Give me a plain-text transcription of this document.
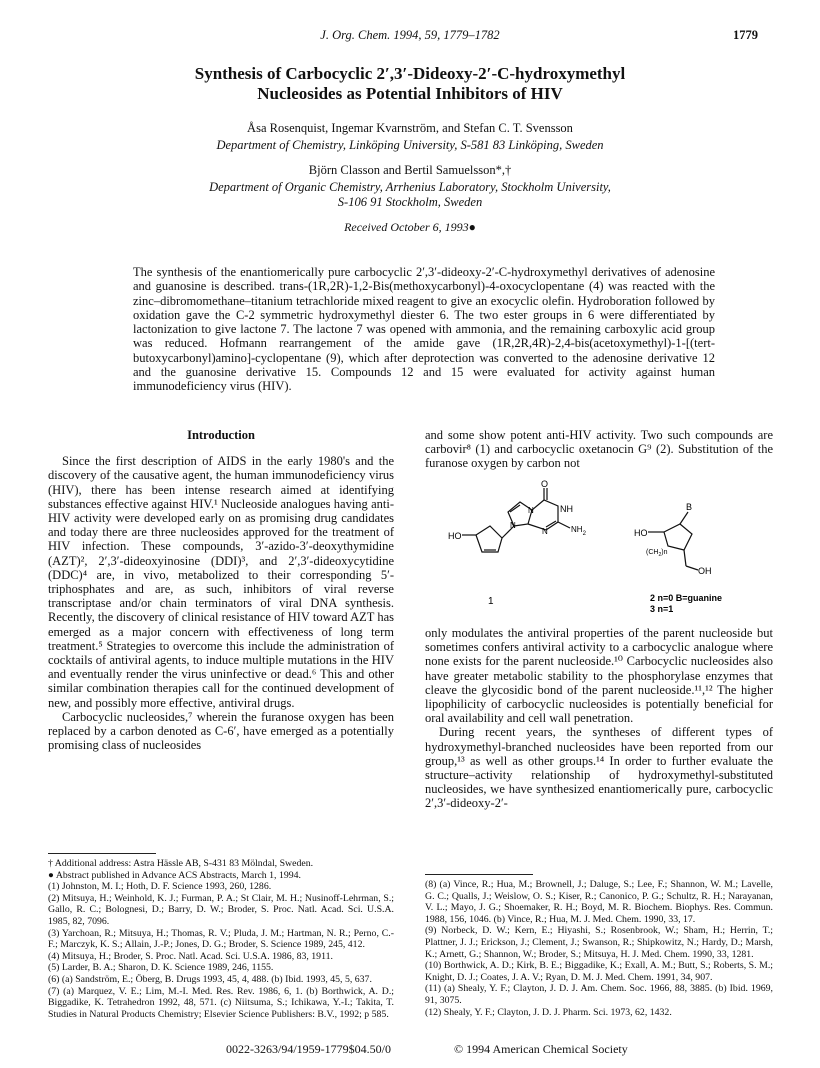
J. Org. Chem. 1994, 59, 1779–1782	1779
Synthesis of Carbocyclic 2′,3′-Dideoxy-2′-C-hydroxymethyl
Nucleosides as Potential Inhibitors of HIV
Åsa Rosenquist, Ingemar Kvarnström, and Stefan C. T. Svensson
Department of Chemistry, Linköping University, S-581 83 Linköping, Sweden
Björn Classon and Bertil Samuelsson*,†
Department of Organic Chemistry, Arrhenius Laboratory, Stockholm University,
S-106 91 Stockholm, Sweden
Received October 6, 1993●

The synthesis of the enantiomerically pure carbocyclic 2′,3′-dideoxy-2′-C-hydroxymethyl derivatives of adenosine and guanosine is described. trans-(1R,2R)-1,2-Bis(methoxycarbonyl)-4-oxocyclopentane (4) was reacted with the zinc–dibromomethane–titanium tetrachloride mixed reagent to give an exocyclic olefin. Hydroboration followed by oxidation gave the C-2 symmetric hydroxymethyl diester 6. The two ester groups in 6 were differentiated by lactonization to give lactone 7. The lactone 7 was opened with ammonia, and the remaining carboxylic acid group was reduced. Hofmann rearrangement of the amide gave (1R,2R,4R)-2,4-bis(acetoxymethyl)-1-[(tert-butoxycarbonyl)amino]-cyclopentane (9), which after deprotection was converted to the adenosine derivative 12 and the guanosine derivative 15. Compounds 12 and 15 were evaluated for activity against human immunodeficiency virus (HIV).

Introduction

Since the first description of AIDS in the early 1980's and the discovery of the causative agent, the human immunodeficiency virus (HIV), there has been intense research aimed at identifying substances effective against HIV.¹ Nucleoside analogues having anti-HIV activity were developed early on as promising drug candidates and today there are three nucleosides approved for the treatment of HIV infection. These compounds, 3′-azido-3′-deoxythymidine (AZT)², 2′,3′-dideoxyinosine (DDI)³, and 2′,3′-dideoxycytidine (DDC)⁴ are, in vivo, metabolized to their corresponding 5′-triphosphates and are, as such, inhibitors of viral reverse transcriptase and/or chain terminators of viral DNA synthesis. Recently, the discovery of clinical resistance of HIV toward AZT has emerged as a major concern with effectiveness of long term treatment.⁵ Strategies to overcome this include the administration of cocktails of antiviral agents, to induce multiple mutations in the HIV and eventually render the virus uninfective or dead.⁶ This and other similar combination therapies call for the continued development of new, and possibly more effective, antiviral drugs.

Carbocyclic nucleosides,⁷ wherein the furanose oxygen has been replaced by a carbon denoted as C-6′, have emerged as a potentially promising class of nucleosides

and some show potent anti-HIV activity. Two such compounds are carbovir⁸ (1) and carbocyclic oxetanocin G⁹ (2). Substitution of the furanose oxygen by carbon not

HO
O
NH
N
N
N	$NH_2$
1
HO
B
$(CH_2)n$
OH
2 n=0 B=guanine
3 n=1

only modulates the antiviral properties of the parent nucleoside but sometimes confers antiviral activity to a carbocyclic analogue where none exists for the parent nucleoside.¹⁰ Carbocyclic nucleosides also have greater metabolic stability to the phosphorylase enzymes that cleave the glycosidic bond of the parent nucleoside.¹¹,¹² The higher lipophilicity of carbocyclic nucleosides is potentially beneficial for oral availability and cell wall penetration.

During recent years, the syntheses of different types of hydroxymethyl-branched nucleosides have been reported from our group,¹³ as well as other groups.¹⁴ In order to further evaluate the structure–activity relationship of hydroxymethyl-substituted nucleosides, we have synthesized enantiomerically pure, carbocyclic 2′,3′-dideoxy-2′-

† Additional address: Astra Hässle AB, S-431 83 Mölndal, Sweden.

● Abstract published in Advance ACS Abstracts, March 1, 1994.

(1) Johnston, M. I.; Hoth, D. F. Science 1993, 260, 1286.

(2) Mitsuya, H.; Weinhold, K. J.; Furman, P. A.; St Clair, M. H.; Nusinoff-Lehrman, S.; Gallo, R. C.; Bolognesi, D.; Barry, D. W.; Broder, S. Proc. Natl. Acad. Sci. U.S.A. 1985, 82, 7096.

(3) Yarchoan, R.; Mitsuya, H.; Thomas, R. V.; Pluda, J. M.; Hartman, N. R.; Perno, C.-F.; Marczyk, K. S.; Allain, J.-P.; Jones, D. G.; Broder, S. Science 1989, 245, 412.

(4) Mitsuya, H.; Broder, S. Proc. Natl. Acad. Sci. U.S.A. 1986, 83, 1911.

(5) Larder, B. A.; Sharon, D. K. Science 1989, 246, 1155.

(6) (a) Sandström, E.; Öberg, B. Drugs 1993, 45, 4, 488. (b) Ibid. 1993, 45, 5, 637.

(7) (a) Marquez, V. E.; Lim, M.-I. Med. Res. Rev. 1986, 6, 1. (b) Borthwick, A. D.; Biggadike, K. Tetrahedron 1992, 48, 571. (c) Niitsuma, S.; Ichikawa, Y.-I.; Takita, T. Studies in Natural Products Chemistry; Elsevier Science Publishers: B.V., 1992; p 585.

(8) (a) Vince, R.; Hua, M.; Brownell, J.; Daluge, S.; Lee, F.; Shannon, W. M.; Lavelle, G. C.; Qualls, J.; Weislow, O. S.; Kiser, R.; Canonico, P. G.; Schultz, R. H.; Narayanan, V. L.; Mayo, J. G.; Shoemaker, R. H.; Boyd, M. R. Biochem. Biophys. Res. Commun. 1988, 156, 1046. (b) Vince, R.; Hua, M. J. Med. Chem. 1990, 33, 17.

(9) Norbeck, D. W.; Kern, E.; Hiyashi, S.; Rosenbrook, W.; Sham, H.; Herrin, T.; Plattner, J. J.; Erickson, J.; Clement, J.; Swanson, R.; Shipkowitz, N.; Hardy, D.; Marsh, K.; Arnett, G.; Shannon, W.; Broder, S.; Mitsuya, H. J. Med. Chem. 1990, 33, 1281.

(10) Borthwick, A. D.; Kirk, B. E.; Biggadike, K.; Exall, A. M.; Butt, S.; Roberts, S. M.; Knight, D. J.; Coates, J. A. V.; Ryan, D. M. J. Med. Chem. 1991, 34, 907.

(11) (a) Shealy, Y. F.; Clayton, J. D. J. Am. Chem. Soc. 1966, 88, 3885. (b) Ibid. 1969, 91, 3075.

(12) Shealy, Y. F.; Clayton, J. D. J. Pharm. Sci. 1973, 62, 1432.

0022-3263/94/1959-1779$04.50/0	© 1994 American Chemical Society
